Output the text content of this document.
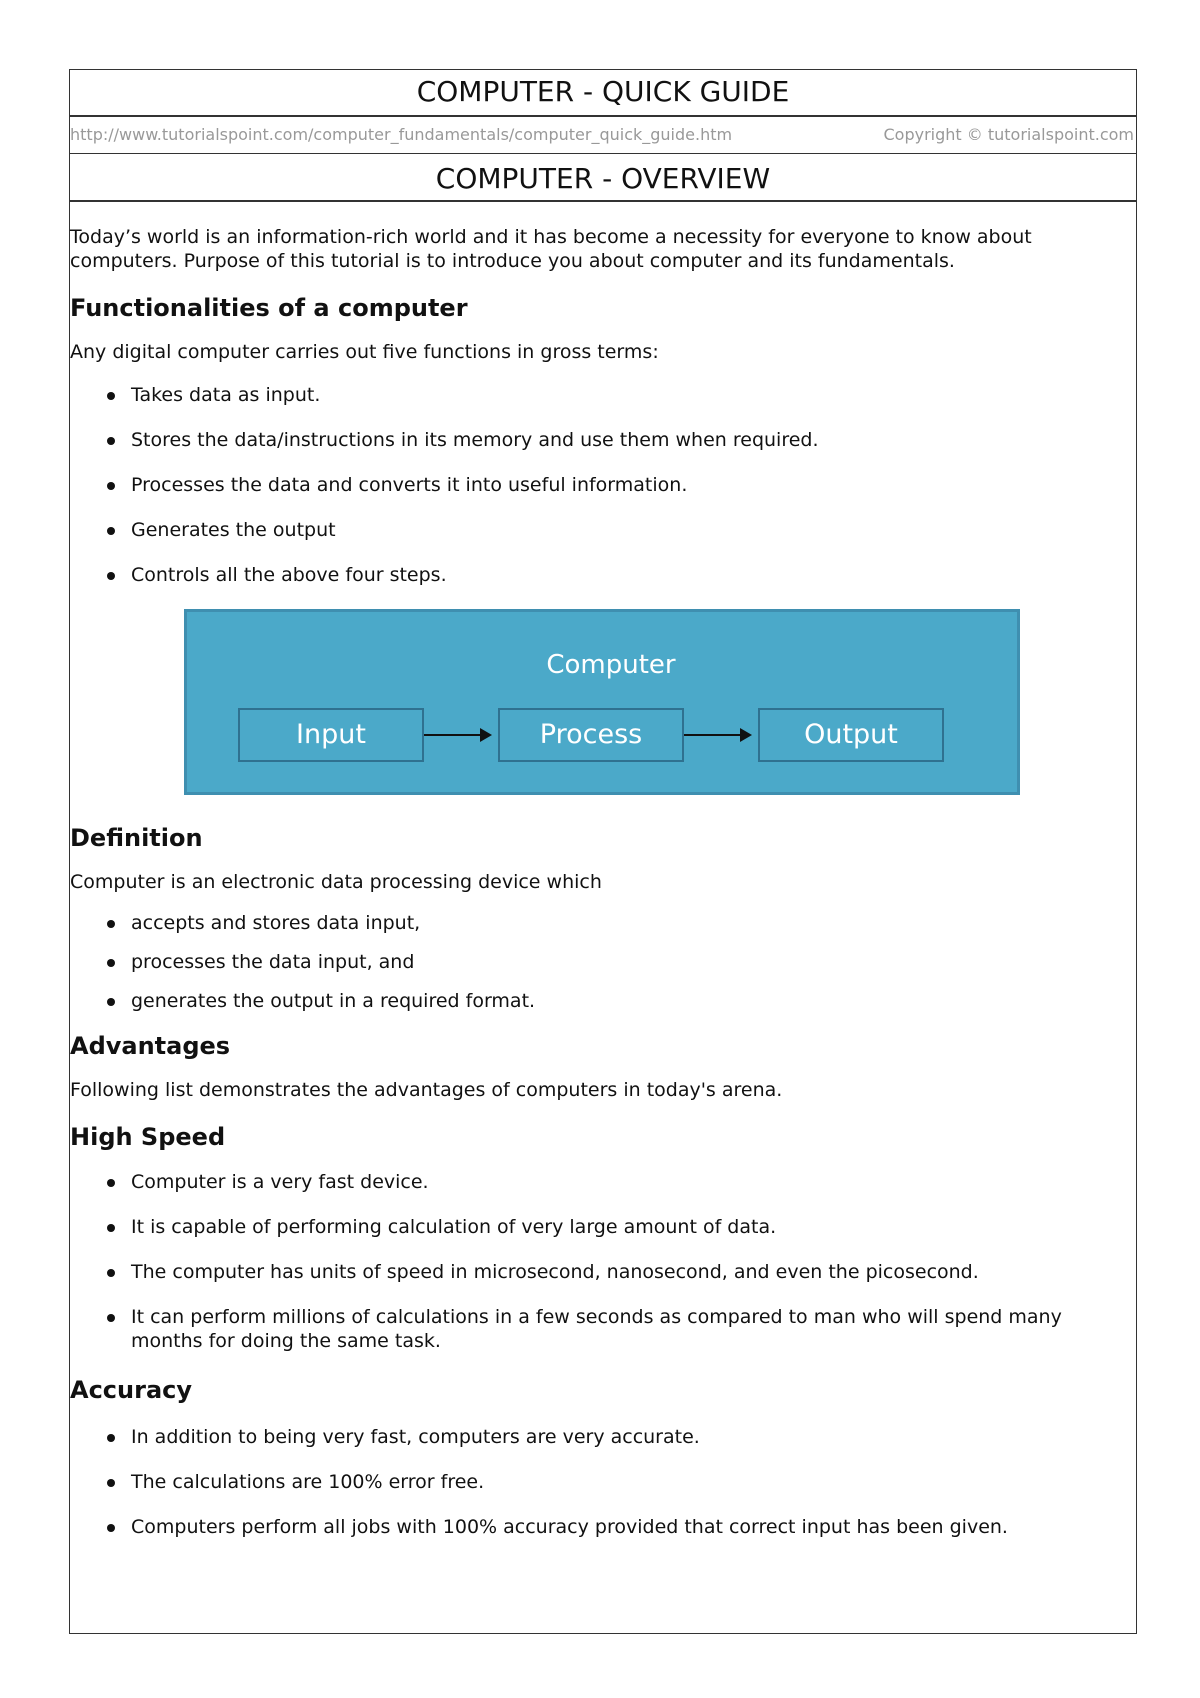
COMPUTER - QUICK GUIDE
http://www.tutorialspoint.com/computer_fundamentals/computer_quick_guide.htm	Copyright © tutorialspoint.com
COMPUTER - OVERVIEW

Today’s world is an information-rich world and it has become a necessity for everyone to know about computers. Purpose of this tutorial is to introduce you about computer and its fundamentals.

Functionalities of a computer

Any digital computer carries out five functions in gross terms:

Takes data as input.
Stores the data/instructions in its memory and use them when required.
Processes the data and converts it into useful information.
Generates the output
Controls all the above four steps.
Computer
Input	Process	Output
Definition

Computer is an electronic data processing device which

accepts and stores data input,
processes the data input, and
generates the output in a required format.
Advantages

Following list demonstrates the advantages of computers in today's arena.

High Speed
Computer is a very fast device.
It is capable of performing calculation of very large amount of data.
The computer has units of speed in microsecond, nanosecond, and even the picosecond.
It can perform millions of calculations in a few seconds as compared to man who will spend many months for doing the same task.
Accuracy
In addition to being very fast, computers are very accurate.
The calculations are 100% error free.
Computers perform all jobs with 100% accuracy provided that correct input has been given.
